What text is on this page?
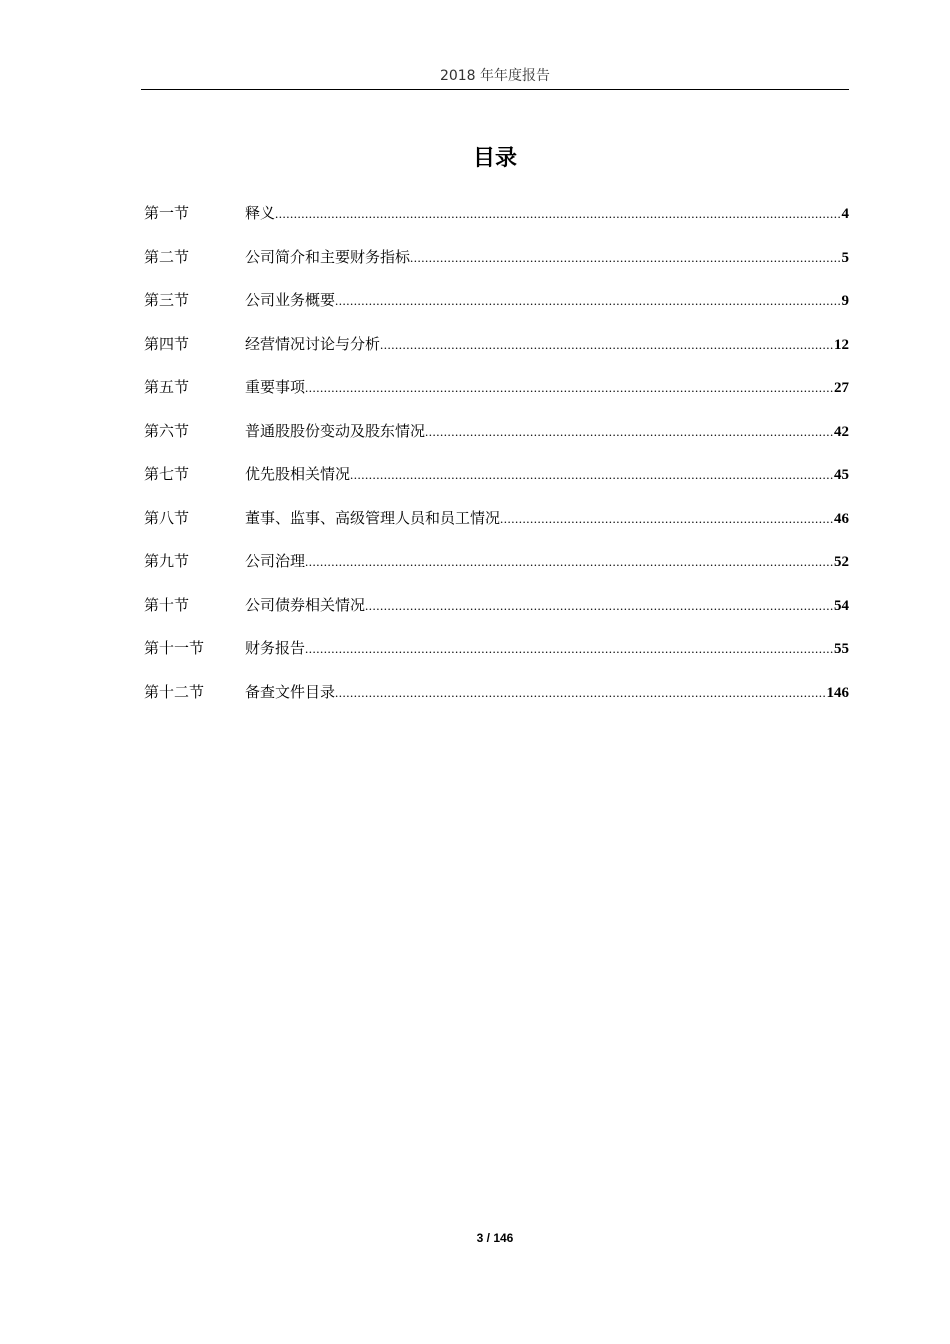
2018 年年度报告
目录
第一节	释义 .....	4
第二节	公司简介和主要财务指标 .....	5
第三节	公司业务概要 .....	9
第四节	经营情况讨论与分析 .....	12
第五节	重要事项 .....	27
第六节	普通股股份变动及股东情况 .....	42
第七节	优先股相关情况 .....	45
第八节	董事、监事、高级管理人员和员工情况 .....	46
第九节	公司治理 .....	52
第十节	公司债券相关情况 .....	54
第十一节	财务报告 .....	55
第十二节	备查文件目录 .....	146
3 / 146
